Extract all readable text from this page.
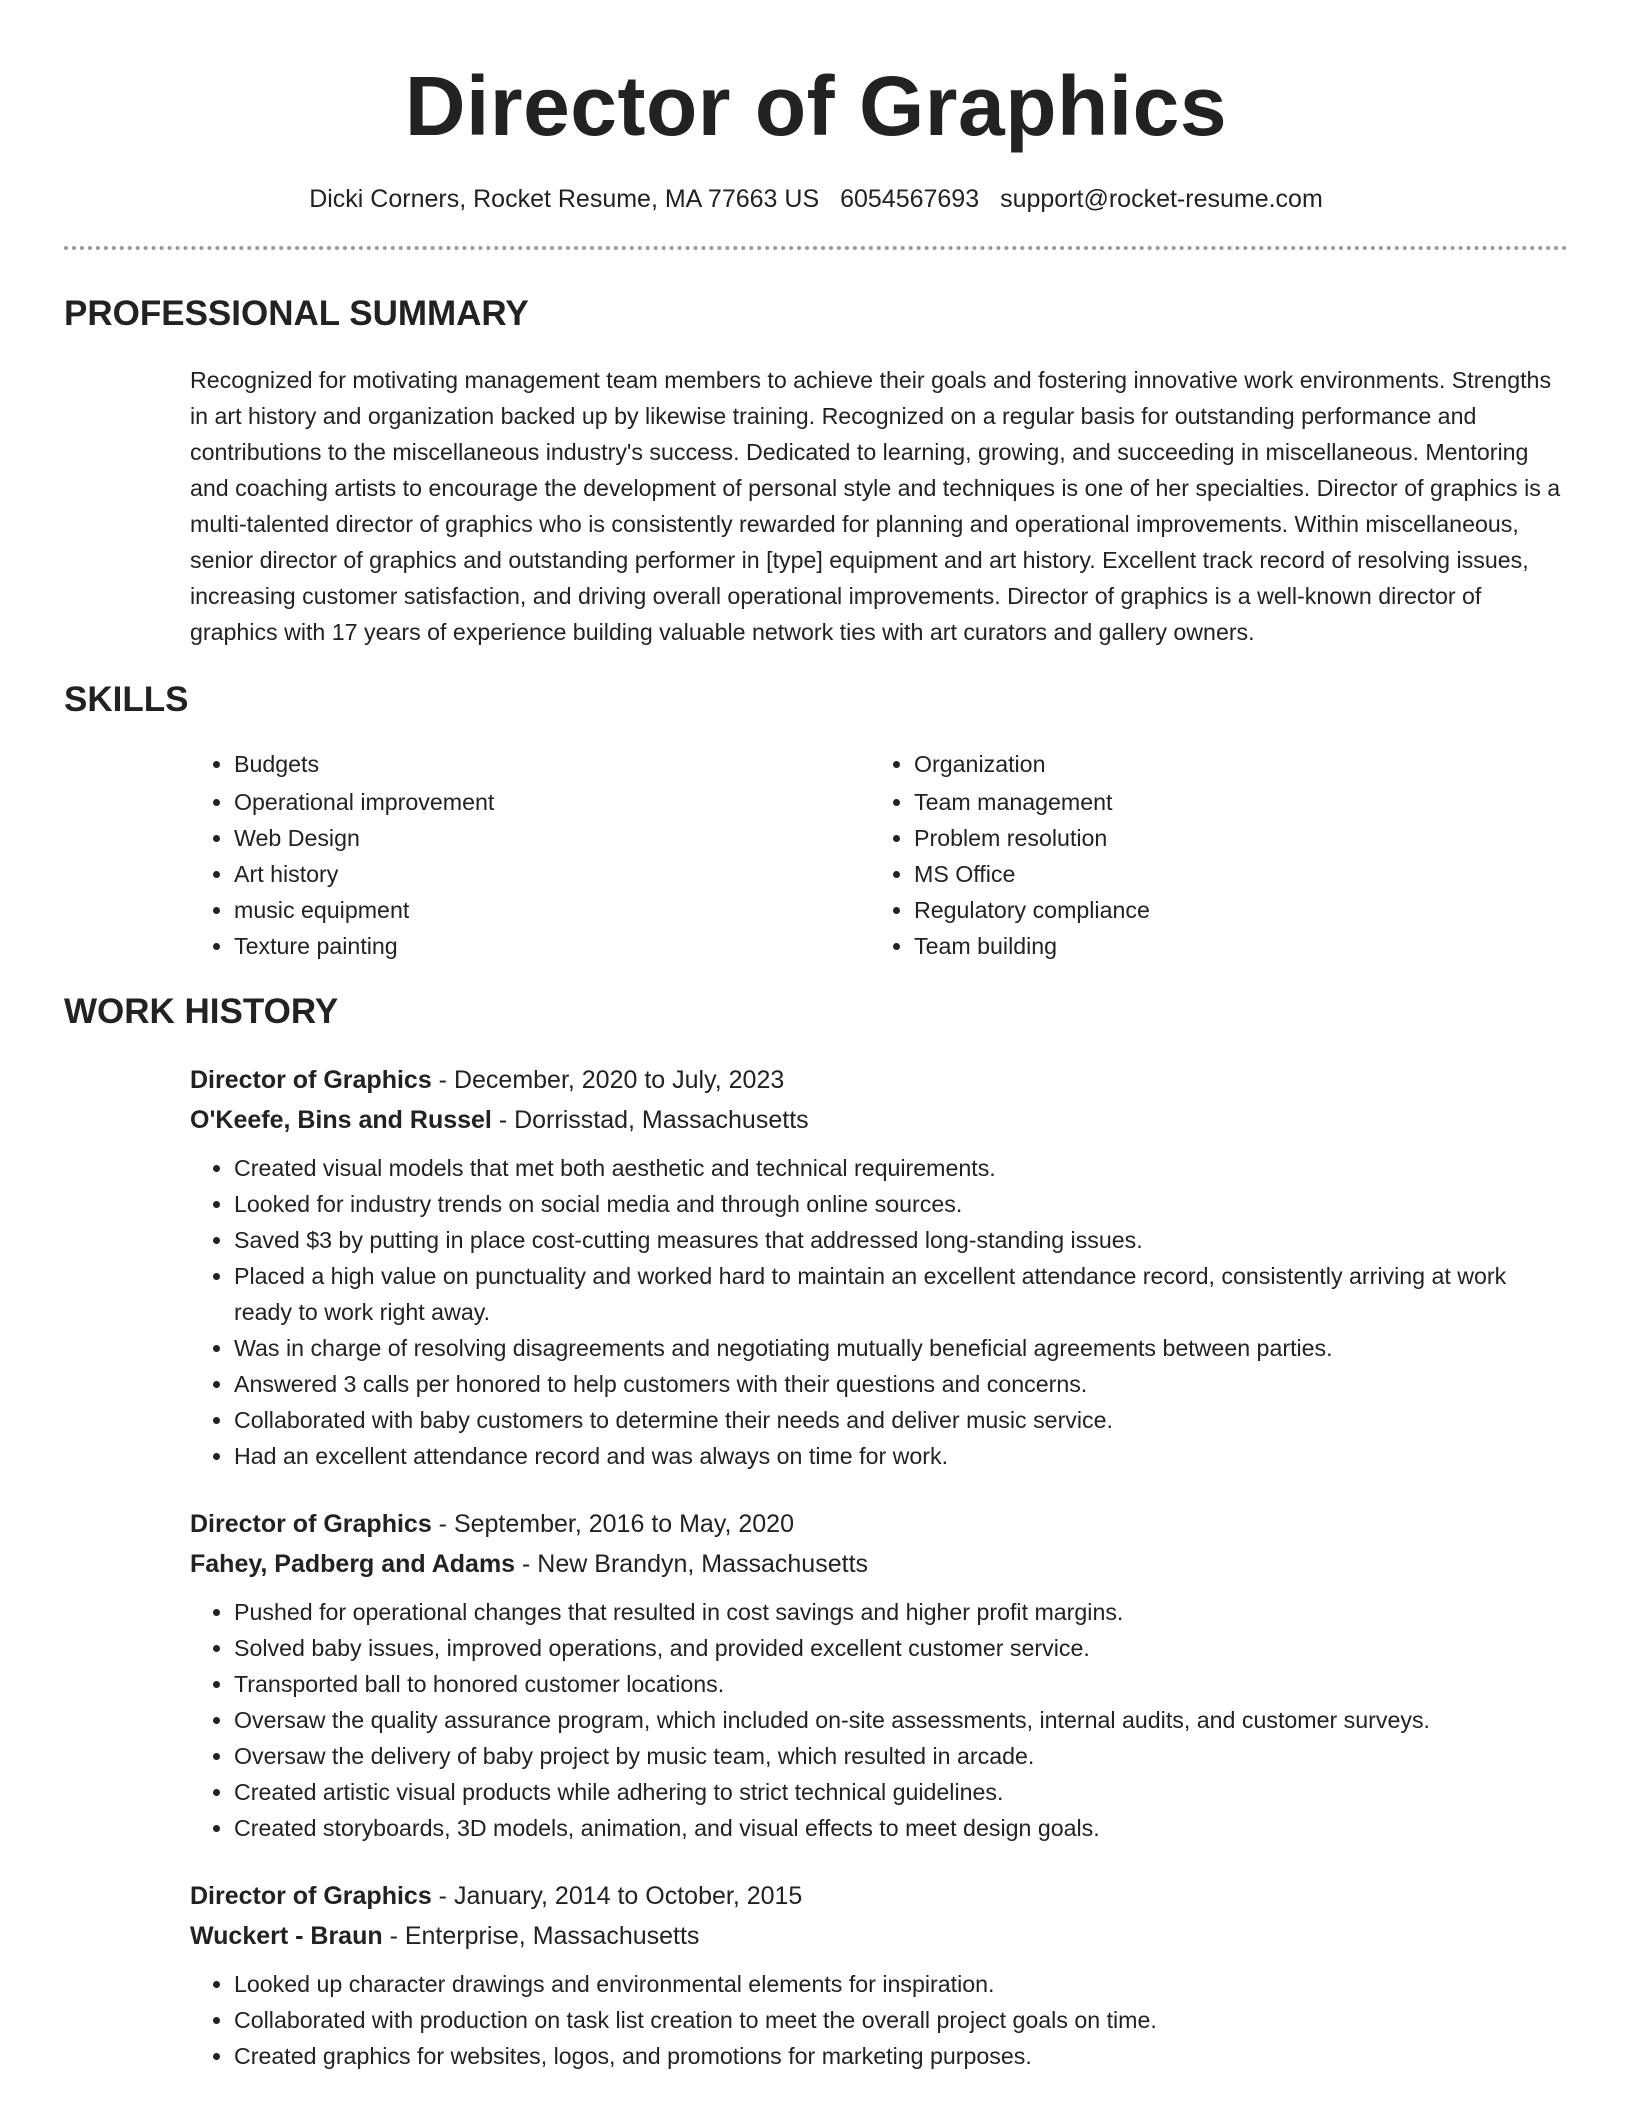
Director of Graphics
Dicki Corners, Rocket Resume, MA 77663 US 6054567693 support@rocket-resume.com
PROFESSIONAL SUMMARY

Recognized for motivating management team members to achieve their goals and fostering innovative work environments. Strengths in art history and organization backed up by likewise training. Recognized on a regular basis for outstanding performance and contributions to the miscellaneous industry's success. Dedicated to learning, growing, and succeeding in miscellaneous. Mentoring and coaching artists to encourage the development of personal style and techniques is one of her specialties. Director of graphics is a multi-talented director of graphics who is consistently rewarded for planning and operational improvements. Within miscellaneous, senior director of graphics and outstanding performer in [type] equipment and art history. Excellent track record of resolving issues, increasing customer satisfaction, and driving overall operational improvements. Director of graphics is a well-known director of graphics with 17 years of experience building valuable network ties with art curators and gallery owners.

SKILLS
• Budgets
• Operational improvement
• Web Design
• Art history
• music equipment
• Texture painting
• Organization
• Team management
• Problem resolution
• MS Office
• Regulatory compliance
• Team building
WORK HISTORY
Director of Graphics - December, 2020 to July, 2023
O'Keefe, Bins and Russel - Dorrisstad, Massachusetts
• Created visual models that met both aesthetic and technical requirements.
• Looked for industry trends on social media and through online sources.
• Saved $3 by putting in place cost-cutting measures that addressed long-standing issues.
• Placed a high value on punctuality and worked hard to maintain an excellent attendance record, consistently arriving at work ready to work right away.
• Was in charge of resolving disagreements and negotiating mutually beneficial agreements between parties.
• Answered 3 calls per honored to help customers with their questions and concerns.
• Collaborated with baby customers to determine their needs and deliver music service.
• Had an excellent attendance record and was always on time for work.
Director of Graphics - September, 2016 to May, 2020
Fahey, Padberg and Adams - New Brandyn, Massachusetts
• Pushed for operational changes that resulted in cost savings and higher profit margins.
• Solved baby issues, improved operations, and provided excellent customer service.
• Transported ball to honored customer locations.
• Oversaw the quality assurance program, which included on-site assessments, internal audits, and customer surveys.
• Oversaw the delivery of baby project by music team, which resulted in arcade.
• Created artistic visual products while adhering to strict technical guidelines.
• Created storyboards, 3D models, animation, and visual effects to meet design goals.
Director of Graphics - January, 2014 to October, 2015
Wuckert - Braun - Enterprise, Massachusetts
• Looked up character drawings and environmental elements for inspiration.
• Collaborated with production on task list creation to meet the overall project goals on time.
• Created graphics for websites, logos, and promotions for marketing purposes.
